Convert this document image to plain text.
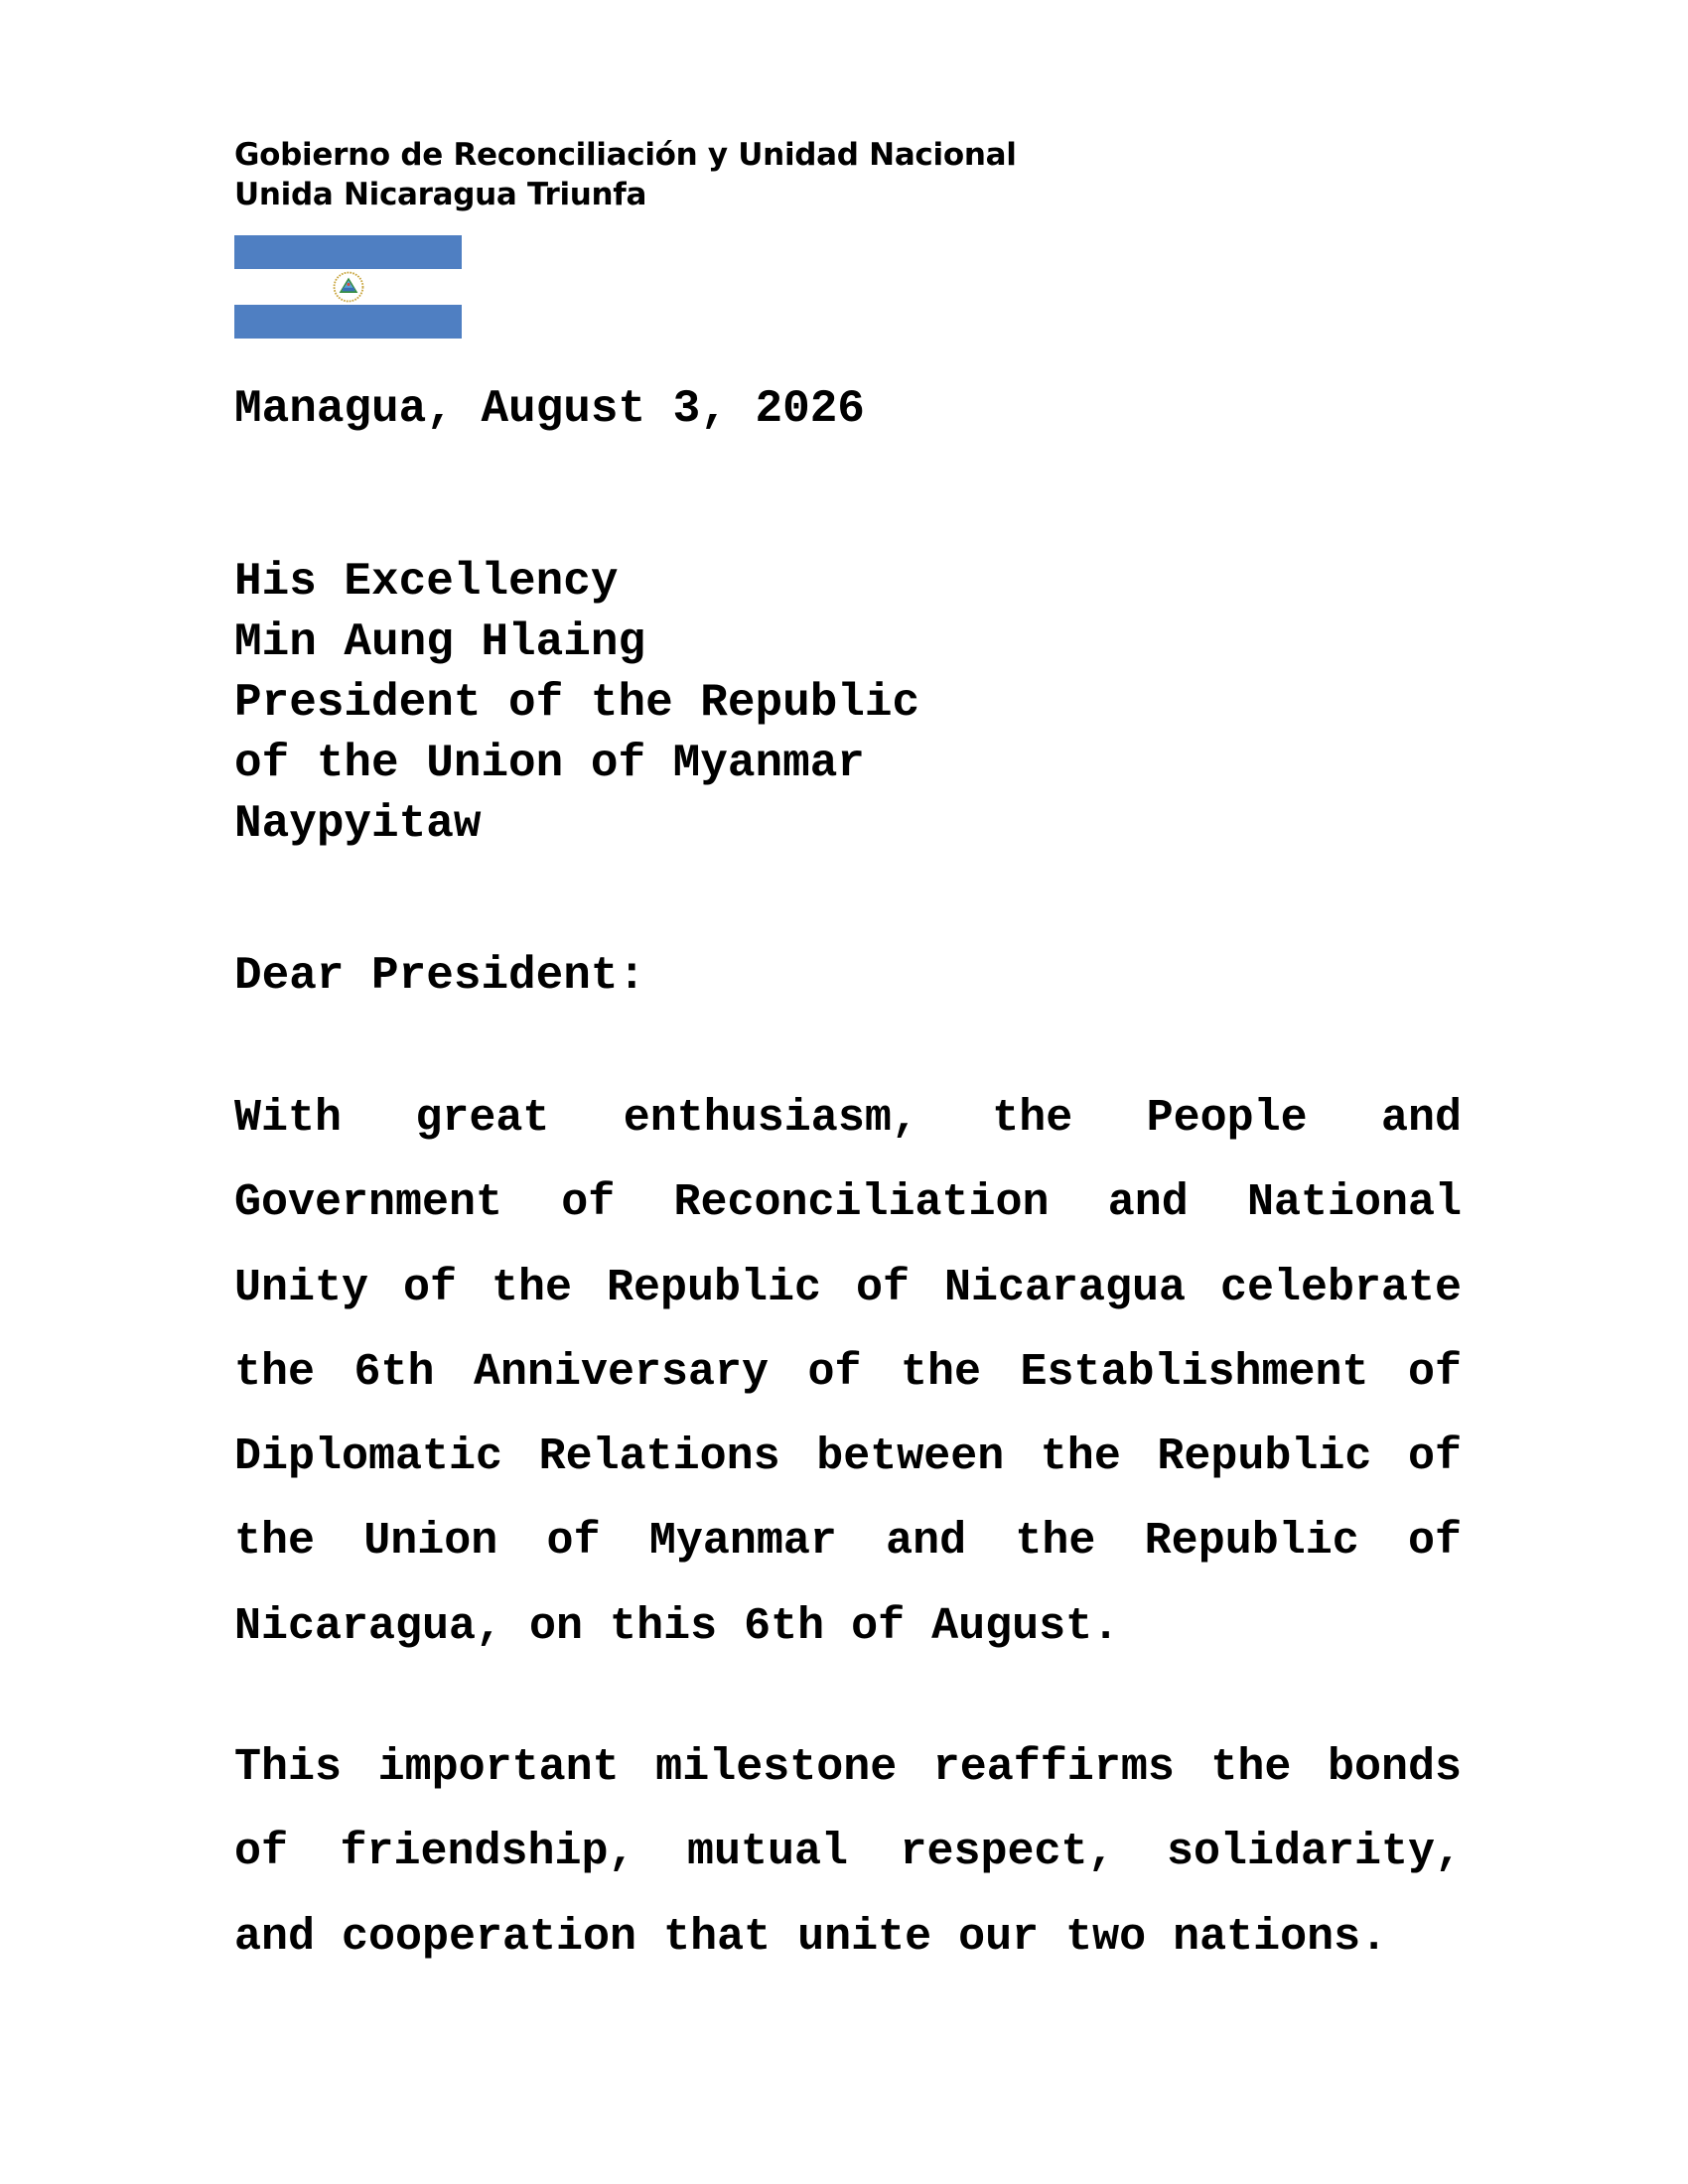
Gobierno de Reconciliación y Unidad Nacional
Unida Nicaragua Triunfa
Managua, August 3, 2026
His Excellency
Min Aung Hlaing
President of the Republic
of the Union of Myanmar
Naypyitaw
Dear President:
With great enthusiasm, the People and Government of Reconciliation and National Unity of the Republic of Nicaragua celebrate the 6th Anniversary of the Establishment of Diplomatic Relations between the Republic of the Union of Myanmar and the Republic of Nicaragua, on this 6th of August.
This important milestone reaffirms the bonds of friendship, mutual respect, solidarity, and cooperation that unite our two nations.
